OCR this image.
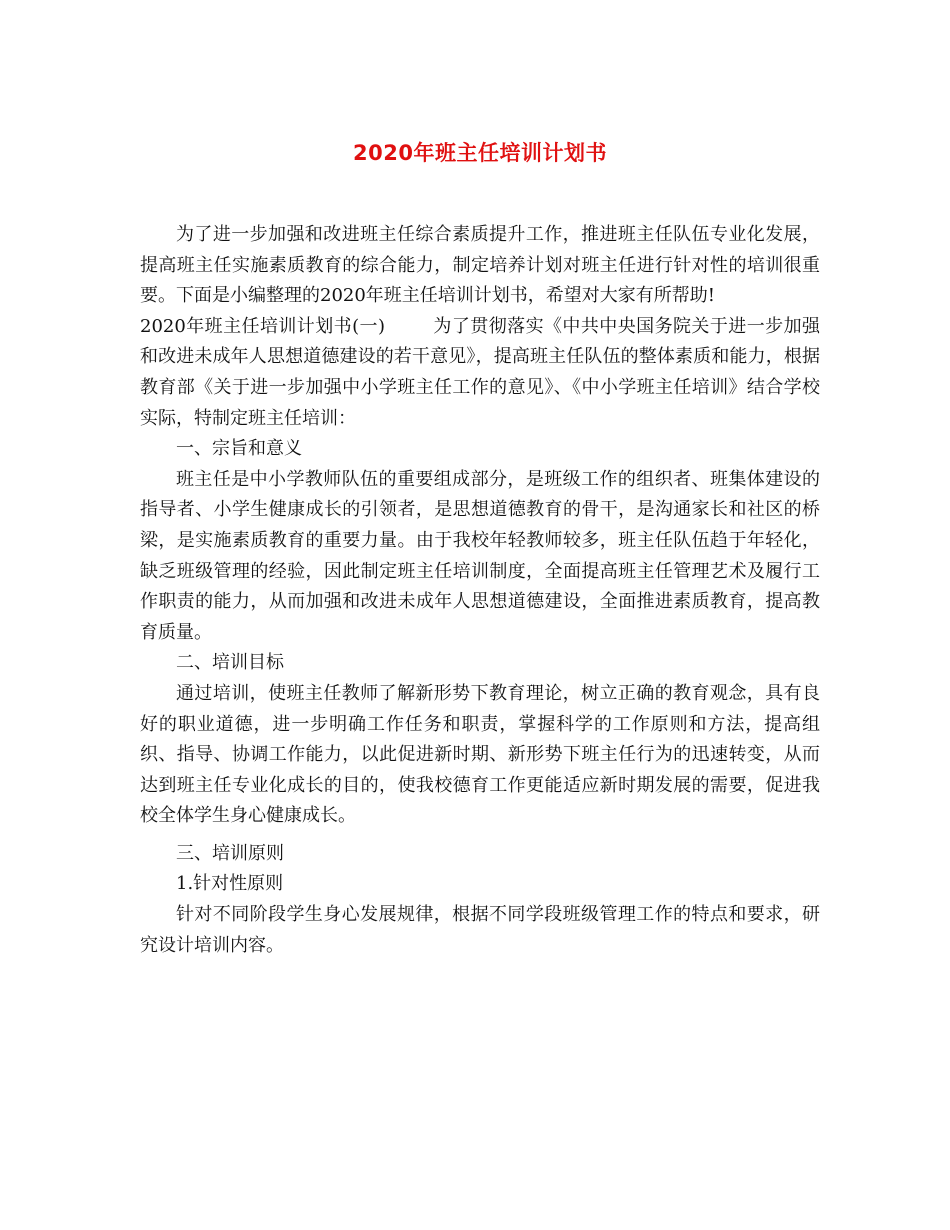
2020年班主任培训计划书

为了进一步加强和改进班主任综合素质提升工作，推进班主任队伍专业化发展，提高班主任实施素质教育的综合能力，制定培养计划对班主任进行针对性的培训很重要。下面是小编整理的2020年班主任培训计划书，希望对大家有所帮助!

2020年班主任培训计划书(一)	为了贯彻落实《中共中央国务院关于进一步加强和改进未成年人思想道德建设的若干意见》，提高班主任队伍的整体素质和能力，根据教育部《关于进一步加强中小学班主任工作的意见》、《中小学班主任培训》结合学校实际，特制定班主任培训：

一、宗旨和意义

班主任是中小学教师队伍的重要组成部分，是班级工作的组织者、班集体建设的指导者、小学生健康成长的引领者，是思想道德教育的骨干，是沟通家长和社区的桥梁，是实施素质教育的重要力量。由于我校年轻教师较多，班主任队伍趋于年轻化，缺乏班级管理的经验，因此制定班主任培训制度，全面提高班主任管理艺术及履行工作职责的能力，从而加强和改进未成年人思想道德建设，全面推进素质教育，提高教育质量。

二、培训目标

通过培训，使班主任教师了解新形势下教育理论，树立正确的教育观念，具有良好的职业道德，进一步明确工作任务和职责，掌握科学的工作原则和方法，提高组织、指导、协调工作能力，以此促进新时期、新形势下班主任行为的迅速转变，从而达到班主任专业化成长的目的，使我校德育工作更能适应新时期发展的需要，促进我校全体学生身心健康成长。

三、培训原则

1.针对性原则

针对不同阶段学生身心发展规律，根据不同学段班级管理工作的特点和要求，研究设计培训内容。
